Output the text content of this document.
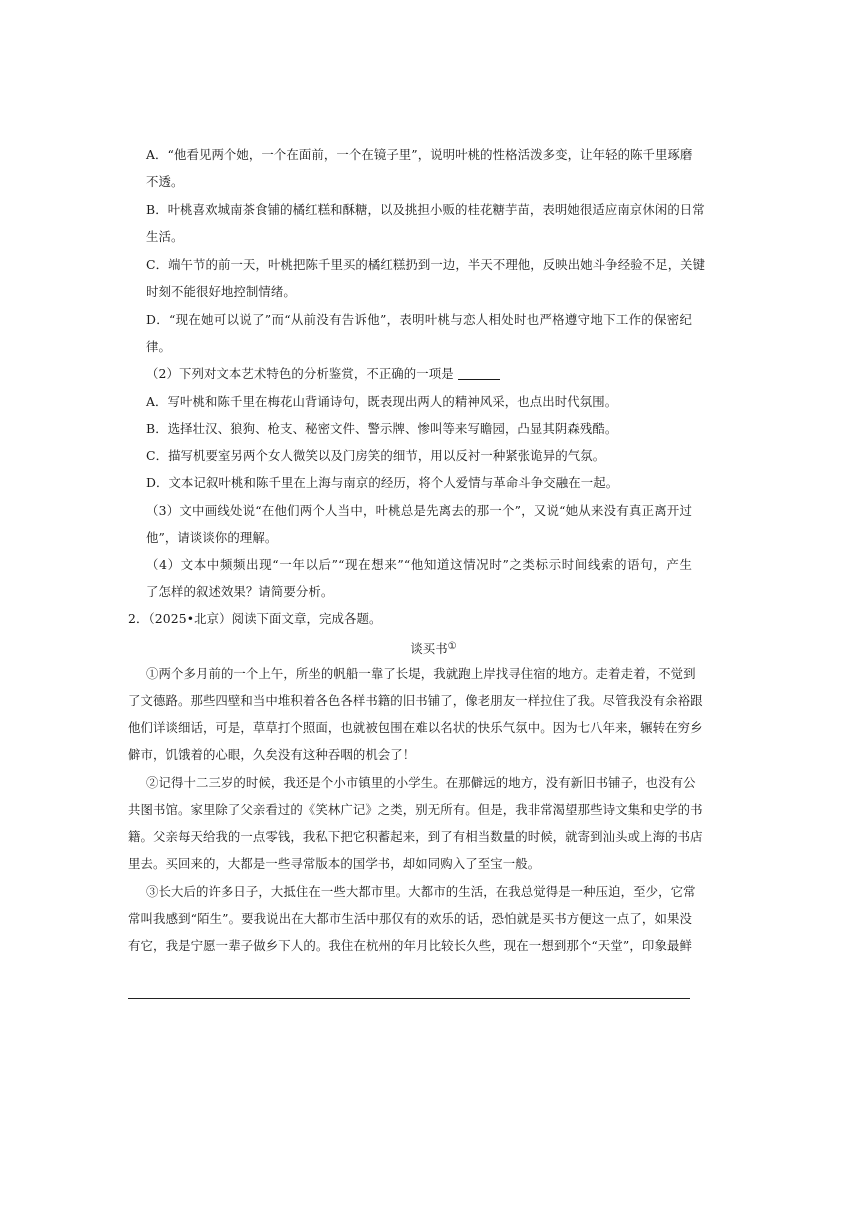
A．“他看见两个她，一个在面前，一个在镜子里”，说明叶桃的性格活泼多变，让年轻的陈千里琢磨
不透。
B．叶桃喜欢城南茶食铺的橘红糕和酥糖，以及挑担小贩的桂花糖芋苗，表明她很适应南京休闲的日常
生活。
C．端午节的前一天，叶桃把陈千里买的橘红糕扔到一边，半天不理他，反映出她斗争经验不足，关键
时刻不能很好地控制情绪。
D．“现在她可以说了”而“从前没有告诉他”，表明叶桃与恋人相处时也严格遵守地下工作的保密纪
律。
（2）下列对文本艺术特色的分析鉴赏，不正确的一项是
A．写叶桃和陈千里在梅花山背诵诗句，既表现出两人的精神风采，也点出时代氛围。
B．选择壮汉、狼狗、枪支、秘密文件、警示牌、惨叫等来写瞻园，凸显其阴森残酷。
C．描写机要室另两个女人微笑以及门房笑的细节，用以反衬一种紧张诡异的气氛。
D．文本记叙叶桃和陈千里在上海与南京的经历，将个人爱情与革命斗争交融在一起。
（3）文中画线处说“在他们两个人当中，叶桃总是先离去的那一个”，又说“她从来没有真正离开过
他”，请谈谈你的理解。
（4）文本中频频出现“一年以后”“现在想来”“他知道这情况时”之类标示时间线索的语句，产生
了怎样的叙述效果？请简要分析。
2．（2025•北京）阅读下面文章，完成各题。
谈买书①
①两个多月前的一个上午，所坐的帆船一靠了长堤，我就跑上岸找寻住宿的地方。走着走着，不觉到
了文德路。那些四壁和当中堆积着各色各样书籍的旧书铺了，像老朋友一样拉住了我。尽管我没有余裕跟
他们详谈细话，可是，草草打个照面，也就被包围在难以名状的快乐气氛中。因为七八年来，辗转在穷乡
僻市，饥饿着的心眼，久矣没有这种吞咽的机会了！
②记得十二三岁的时候，我还是个小市镇里的小学生。在那僻远的地方，没有新旧书铺子，也没有公
共图书馆。家里除了父亲看过的《笑林广记》之类，别无所有。但是，我非常渴望那些诗文集和史学的书
籍。父亲每天给我的一点零钱，我私下把它积蓄起来，到了有相当数量的时候，就寄到汕头或上海的书店
里去。买回来的，大都是一些寻常版本的国学书，却如同购入了至宝一般。
③长大后的许多日子，大抵住在一些大都市里。大都市的生活，在我总觉得是一种压迫，至少，它常
常叫我感到“陌生”。要我说出在大都市生活中那仅有的欢乐的话，恐怕就是买书方便这一点了，如果没
有它，我是宁愿一辈子做乡下人的。我住在杭州的年月比较长久些，现在一想到那个“天堂”，印象最鲜
